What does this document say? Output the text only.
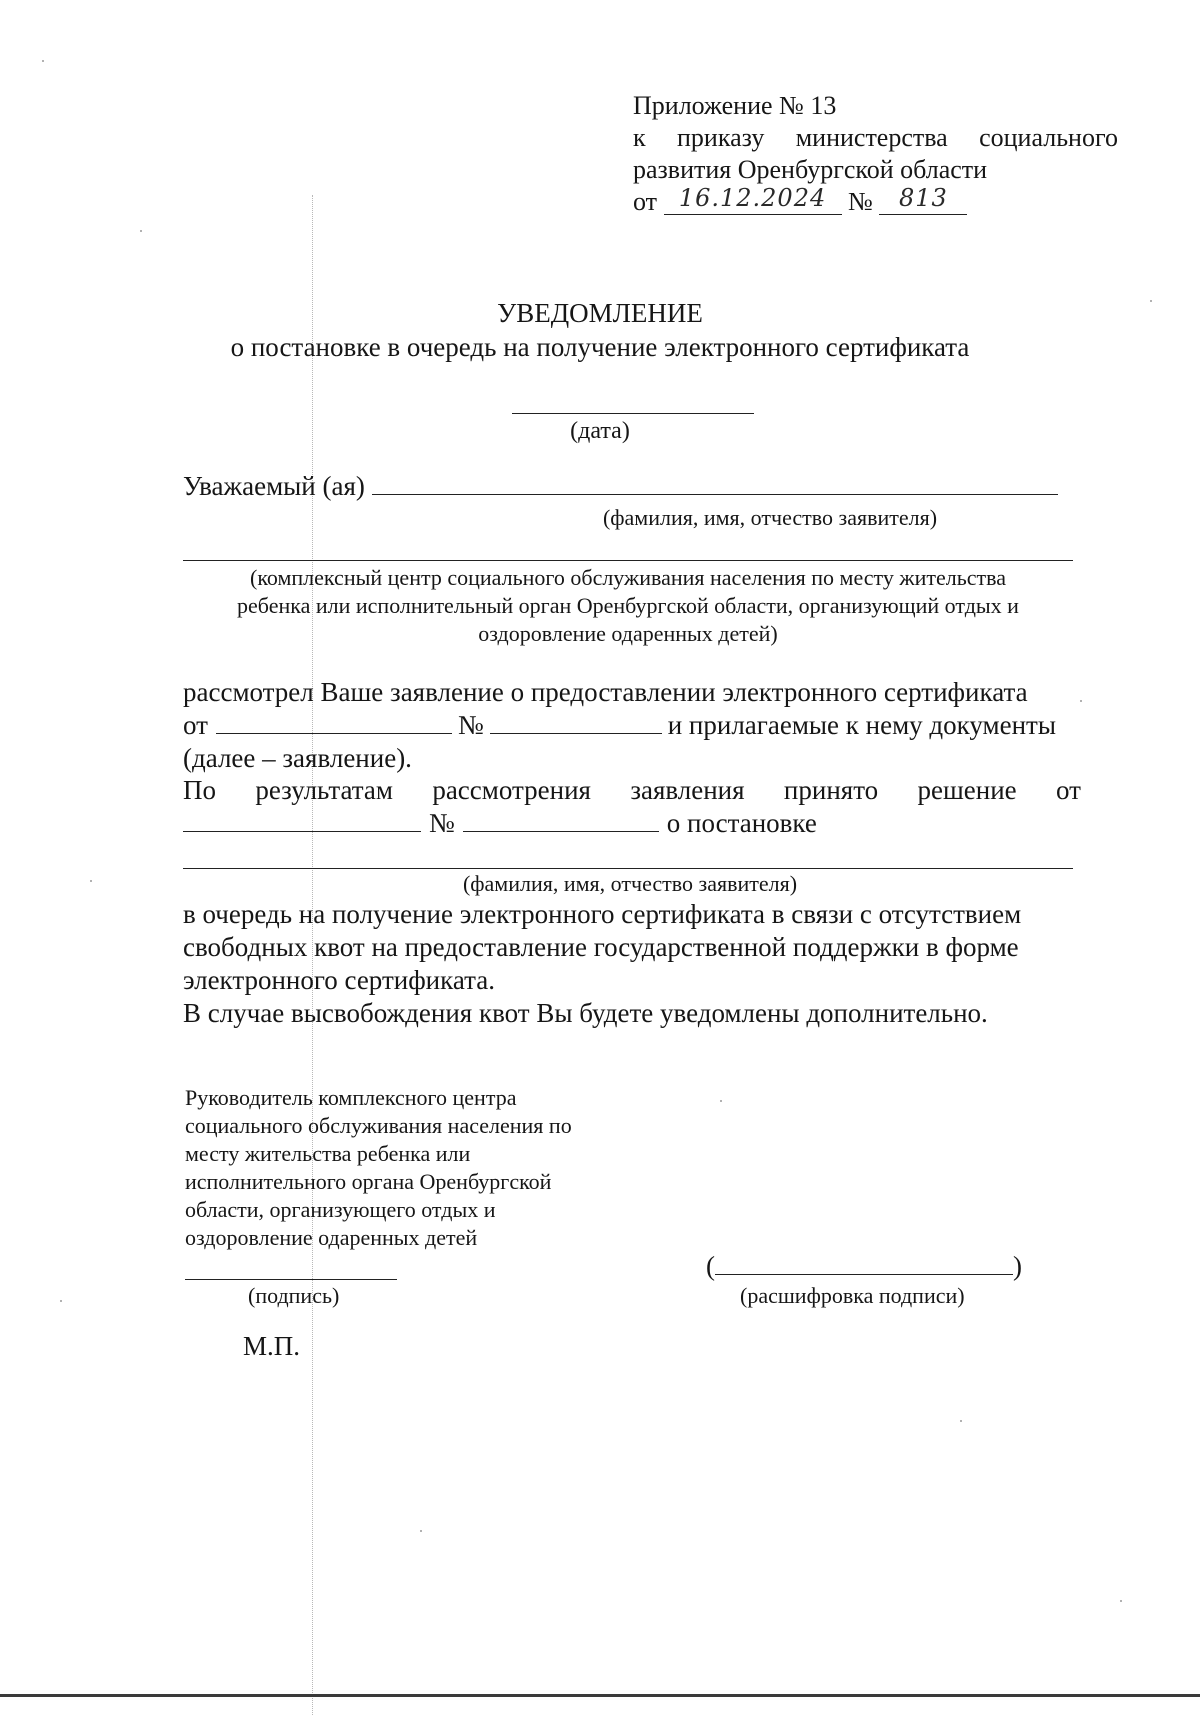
Приложение № 13
к приказу министерства социального
развития Оренбургской области
от 16.12.2024 № 813
УВЕДОМЛЕНИЕ
о постановке в очередь на получение электронного сертификата
(дата)
Уважаемый (ая)
(фамилия, имя, отчество заявителя)
(комплексный центр социального обслуживания населения по месту жительства
ребенка или исполнительный орган Оренбургской области, организующий отдых и
оздоровление одаренных детей)
рассмотрел Ваше заявление о предоставлении электронного сертификата
от	№	и прилагаемые к нему документы
(далее – заявление).
По результатам рассмотрения заявления принято решение от
№	о постановке
(фамилия, имя, отчество заявителя)
в очередь на получение электронного сертификата в связи с отсутствием
свободных квот на предоставление государственной поддержки в форме
электронного сертификата.
В случае высвобождения квот Вы будете уведомлены дополнительно.
Руководитель комплексного центра
социального обслуживания населения по
месту жительства ребенка или
исполнительного органа Оренбургской
области, организующего отдых и
оздоровление одаренных детей
(подпись)
(	)
(расшифровка подписи)
М.П.
